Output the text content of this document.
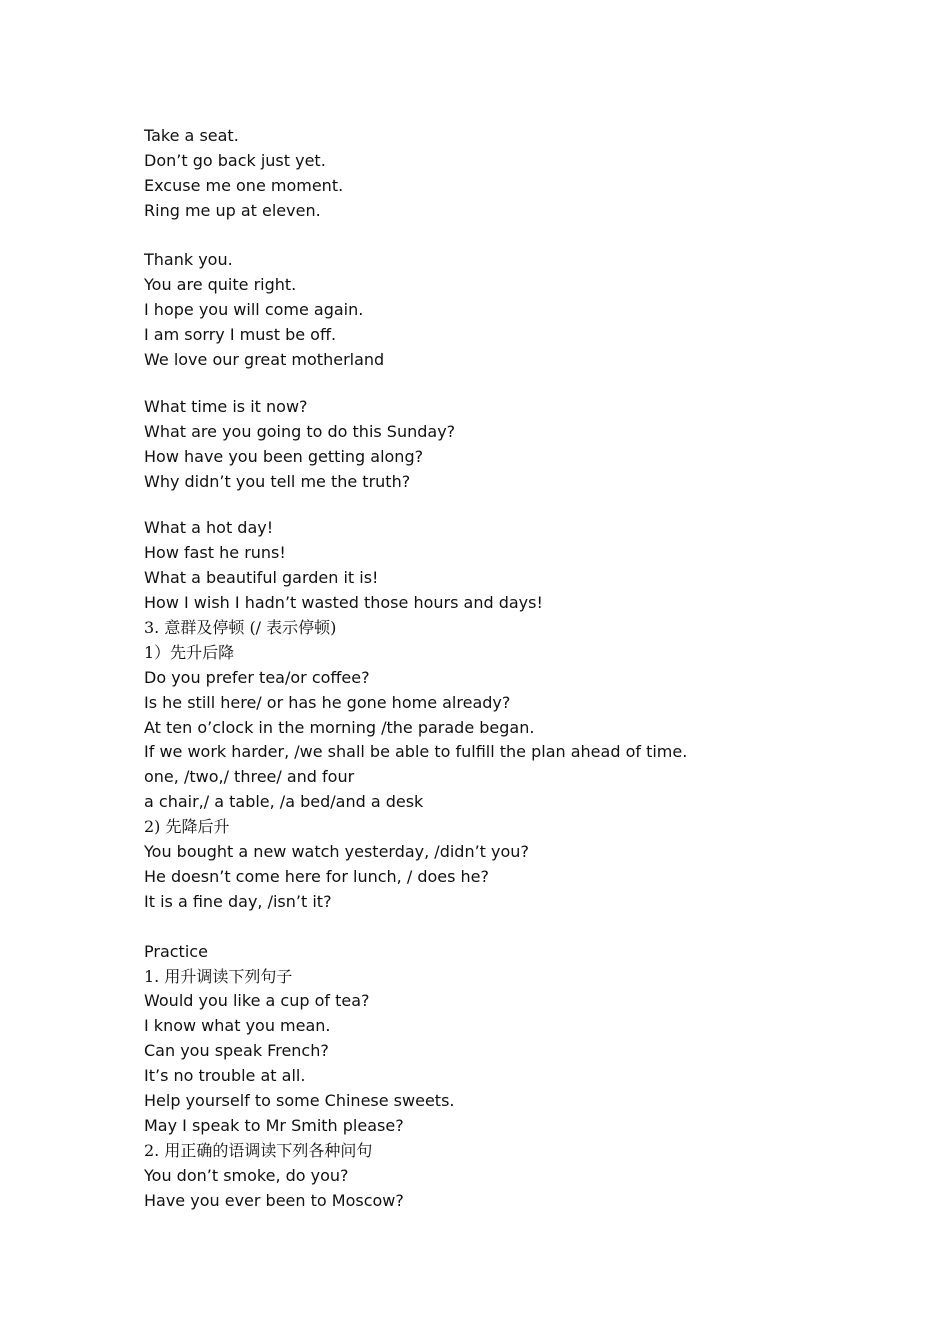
Take a seat.
Don’t go back just yet.
Excuse me one moment.
Ring me up at eleven.
Thank you.
You are quite right.
I hope you will come again.
I am sorry I must be off.
We love our great motherland
What time is it now?
What are you going to do this Sunday?
How have you been getting along?
Why didn’t you tell me the truth?
What a hot day!
How fast he runs!
What a beautiful garden it is!
How I wish I hadn’t wasted those hours and days!
3. 意群及停顿 (/ 表示停顿)
1）先升后降
Do you prefer tea/or coffee?
Is he still here/ or has he gone home already?
At ten o’clock in the morning /the parade began.
If we work harder, /we shall be able to fulfill the plan ahead of time.
one, /two,/ three/ and four
a chair,/ a table, /a bed/and a desk
2) 先降后升
You bought a new watch yesterday, /didn’t you?
He doesn’t come here for lunch, / does he?
It is a fine day, /isn’t it?
Practice
1. 用升调读下列句子
Would you like a cup of tea?
I know what you mean.
Can you speak French?
It’s no trouble at all.
Help yourself to some Chinese sweets.
May I speak to Mr Smith please?
2. 用正确的语调读下列各种问句
You don’t smoke, do you?
Have you ever been to Moscow?
